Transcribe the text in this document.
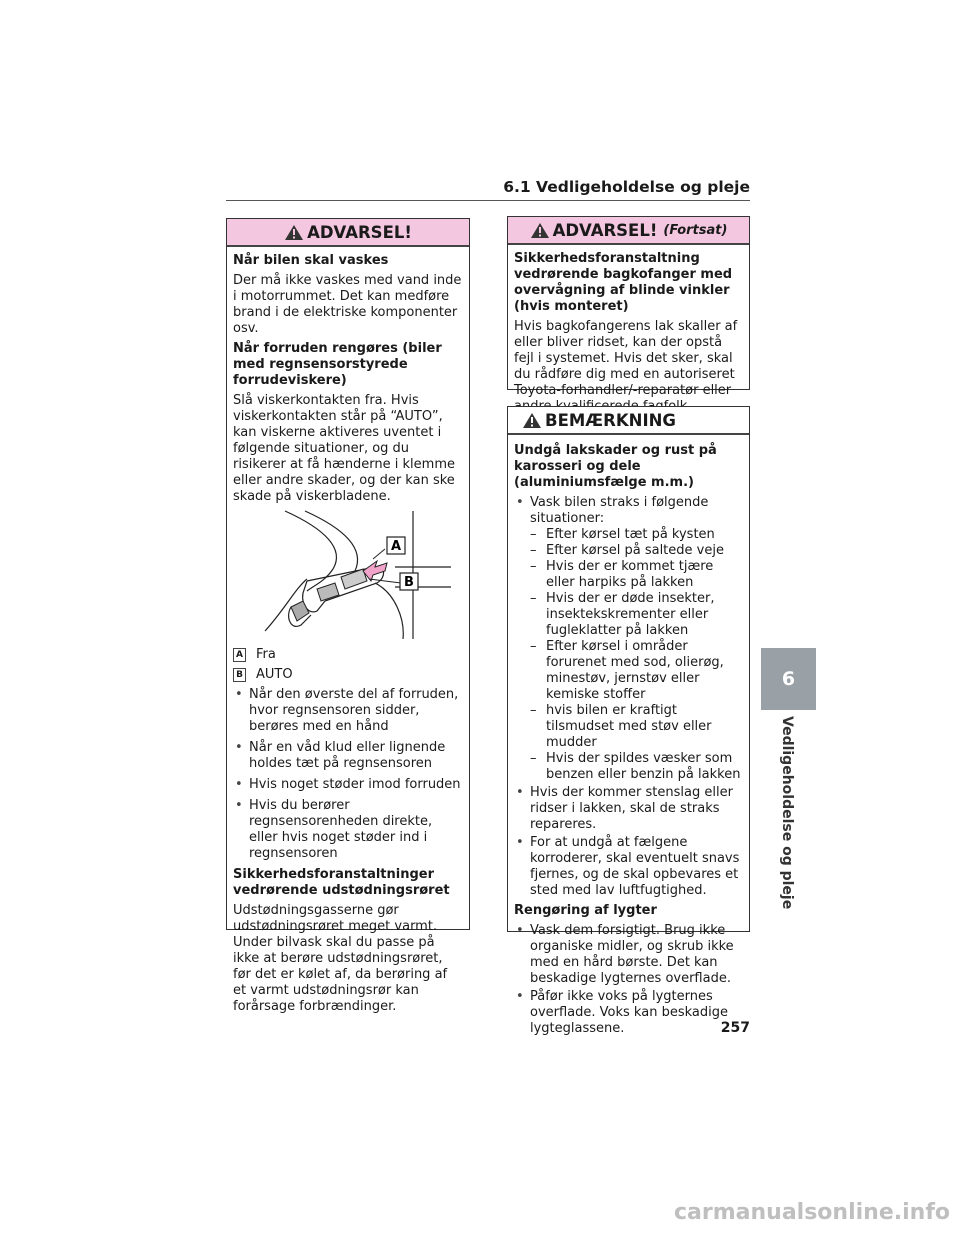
6.1 Vedligeholdelse og pleje
ADVARSEL!
Når bilen skal vaskes

Der må ikke vaskes med vand inde i motorrummet. Det kan medføre brand i de elektriske komponenter osv.

Når forruden rengøres (biler med regnsensorstyrede forrudeviskere)

Slå viskerkontakten fra. Hvis viskerkontakten står på “AUTO”, kan viskerne aktiveres uventet i følgende situationer, og du risikerer at få hænderne i klemme eller andre skader, og der kan ske skade på viskerbladene.

A
B
A Fra
B AUTO
• Når den øverste del af forruden, hvor regnsensoren sidder, berøres med en hånd
• Når en våd klud eller lignende holdes tæt på regnsensoren
• Hvis noget støder imod forruden
• Hvis du berører regnsensorenheden direkte, eller hvis noget støder ind i regnsensoren
Sikkerhedsforanstaltninger vedrørende udstødningsrøret

Udstødningsgasserne gør udstødningsrøret meget varmt. Under bilvask skal du passe på ikke at berøre udstødningsrøret, før det er kølet af, da berøring af et varmt udstødningsrør kan forårsage forbrændinger.

ADVARSEL! (Fortsat)
Sikkerhedsforanstaltning vedrørende bagkofanger med overvågning af blinde vinkler (hvis monteret)

Hvis bagkofangerens lak skaller af eller bliver ridset, kan der opstå fejl i systemet. Hvis det sker, skal du rådføre dig med en autoriseret Toyota-forhandler/-reparatør eller

BEMÆRKNING
Undgå lakskader og rust på karosseri og dele (aluminiumsfælge m.m.)
• Vask bilen straks i følgende situationer:
– Efter kørsel tæt på kysten
– Efter kørsel på saltede veje
– Hvis der er kommet tjære eller harpiks på lakken
– Hvis der er døde insekter, insektekskrementer eller fugleklatter på lakken
– Efter kørsel i områder forurenet med sod, olierøg, minestøv, jernstøv eller kemiske stoffer
– hvis bilen er kraftigt tilsmudset med støv eller mudder
– Hvis der spildes væsker som benzen eller benzin på lakken
• Hvis der kommer stenslag eller ridser i lakken, skal de straks repareres.
• For at undgå at fælgene korroderer, skal eventuelt snavs fjernes, og de skal opbevares et sted med lav luftfugtighed.
Rengøring af lygter
• Vask dem forsigtigt. Brug ikke organiske midler, og skrub ikke med en hård børste. Det kan beskadige lygternes overflade.
• Påfør ikke voks på lygternes overflade. Voks kan beskadige lygteglassene.
6
Vedligeholdelse og pleje
257
carmanualsonline.info
